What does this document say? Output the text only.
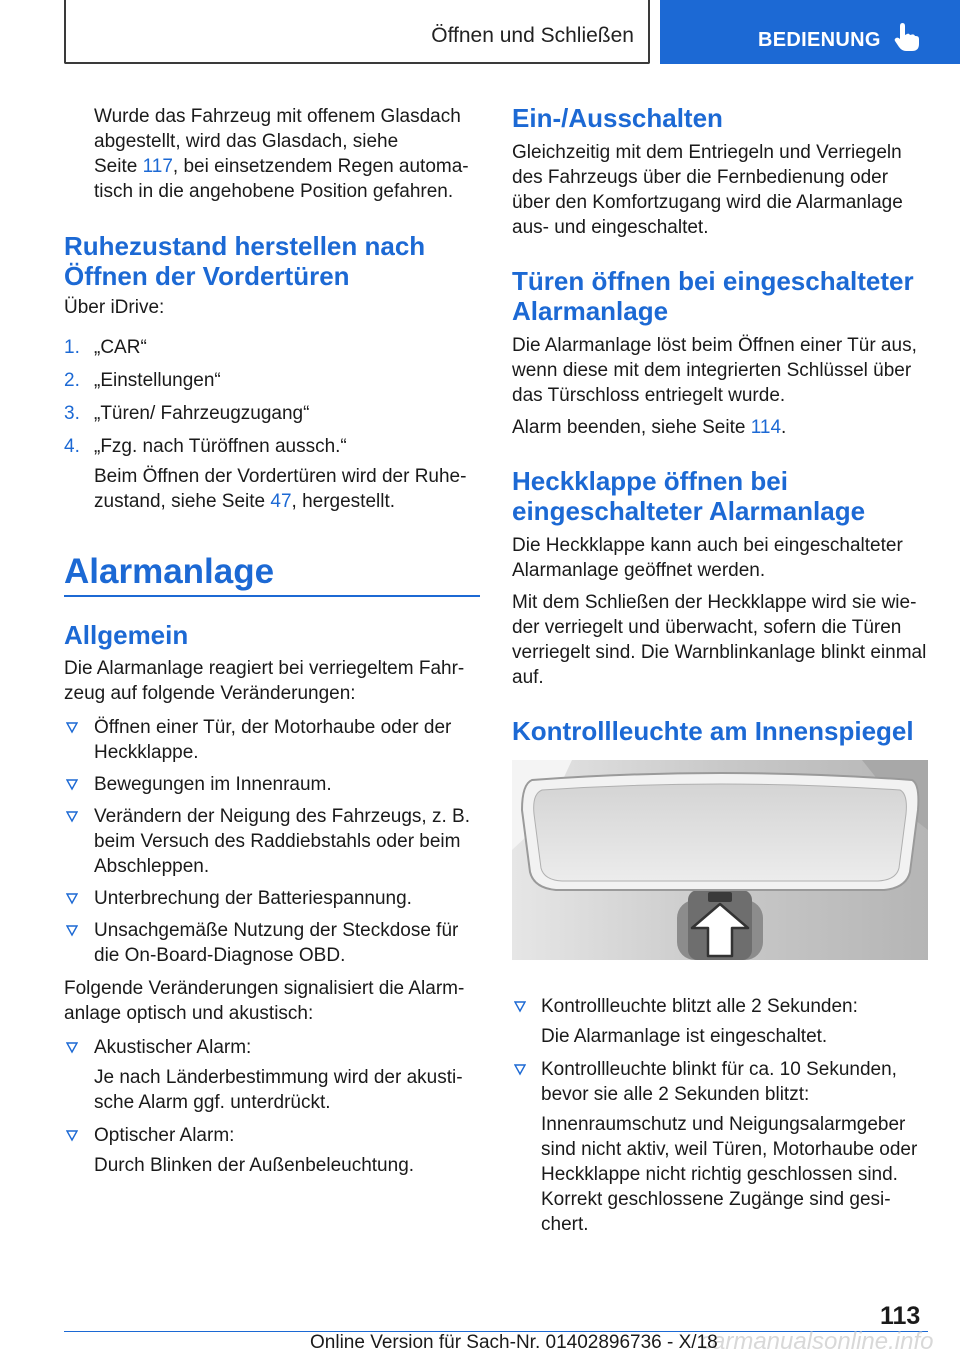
Öffnen und Schließen	BEDIENUNG

Wurde das Fahrzeug mit offenem Glasdach

abgestellt, wird das Glasdach, siehe

Seite 117, bei einsetzendem Regen automa-

tisch in die angehobene Position gefahren.

Ruhezustand herstellen nach
Öffnen der Vordertüren

Über iDrive:

1. „CAR“

2. „Einstellungen“

3. „Türen/ Fahrzeugzugang“

4. „Fzg. nach Türöffnen aussch.“

Beim Öffnen der Vordertüren wird der Ruhe-

zustand, siehe Seite 47, hergestellt.

Alarmanlage
Allgemein

Die Alarmanlage reagiert bei verriegeltem Fahr-

zeug auf folgende Veränderungen:

Öffnen einer Tür, der Motorhaube oder der

Heckklappe.

Bewegungen im Innenraum.

Verändern der Neigung des Fahrzeugs, z. B.

beim Versuch des Raddiebstahls oder beim

Abschleppen.

Unterbrechung der Batteriespannung.

Unsachgemäße Nutzung der Steckdose für

die On-Board-Diagnose OBD.

Folgende Veränderungen signalisiert die Alarm-

anlage optisch und akustisch:

Akustischer Alarm:

Je nach Länderbestimmung wird der akusti-

sche Alarm ggf. unterdrückt.

Optischer Alarm:

Durch Blinken der Außenbeleuchtung.

Ein-/Ausschalten

Gleichzeitig mit dem Entriegeln und Verriegeln

des Fahrzeugs über die Fernbedienung oder

über den Komfortzugang wird die Alarmanlage

aus- und eingeschaltet.

Türen öffnen bei eingeschalteter
Alarmanlage

Die Alarmanlage löst beim Öffnen einer Tür aus,

wenn diese mit dem integrierten Schlüssel über

das Türschloss entriegelt wurde.

Alarm beenden, siehe Seite 114.

Heckklappe öffnen bei
eingeschalteter Alarmanlage

Die Heckklappe kann auch bei eingeschalteter

Alarmanlage geöffnet werden.

Mit dem Schließen der Heckklappe wird sie wie-

der verriegelt und überwacht, sofern die Türen

verriegelt sind. Die Warnblinkanlage blinkt einmal

auf.

Kontrollleuchte am Innenspiegel

Kontrollleuchte blitzt alle 2 Sekunden:

Die Alarmanlage ist eingeschaltet.

Kontrollleuchte blinkt für ca. 10 Sekunden,

bevor sie alle 2 Sekunden blitzt:

Innenraumschutz und Neigungsalarmgeber

sind nicht aktiv, weil Türen, Motorhaube oder

Heckklappe nicht richtig geschlossen sind.

Korrekt geschlossene Zugänge sind gesi-

chert.

113
carmanualsonline.info
Online Version für Sach-Nr. 01402896736 - X/18
